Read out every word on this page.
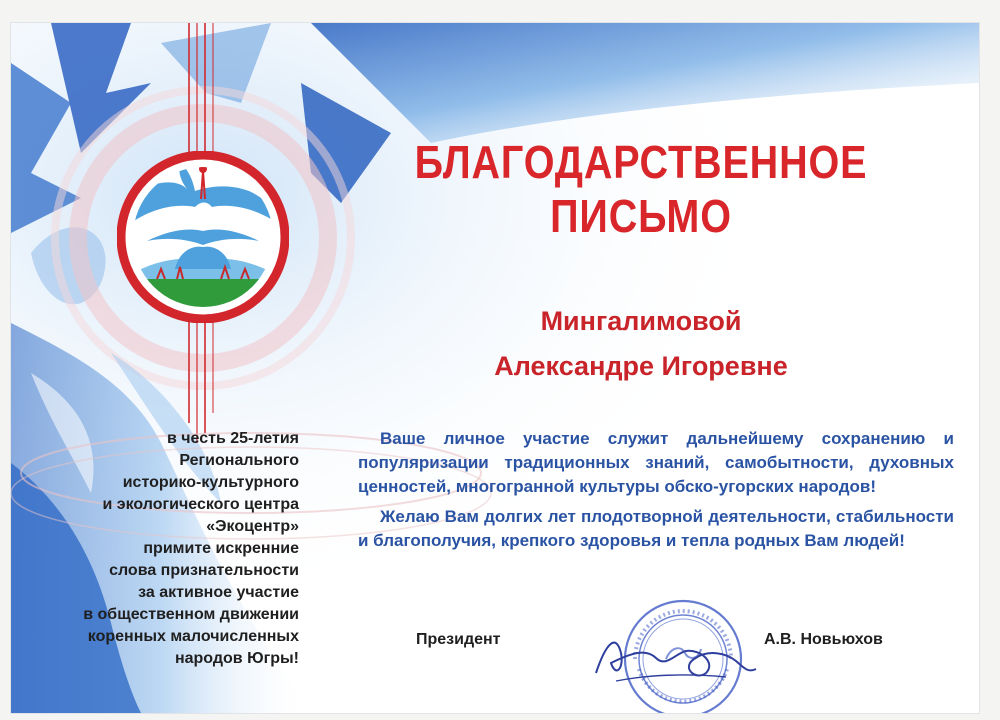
БЛАГОДАРСТВЕННОЕ
ПИСЬМО
Мингалимовой
Александре Игоревне
в честь 25-летия
Регионального
историко-культурного
и экологического центра
«Экоцентр»
примите искренние
слова признательности
за активное участие
в общественном движении
коренных малочисленных
народов Югры!

Ваше личное участие служит дальнейшему сохранению и популяризации традиционных знаний, самобытности, духовных ценностей, многогранной культуры обско-угорских народов!

Желаю Вам долгих лет плодотворной деятельности, стабильности и благополучия, крепкого здоровья и тепла родных Вам людей!

Президент	А.В. Новьюхов
